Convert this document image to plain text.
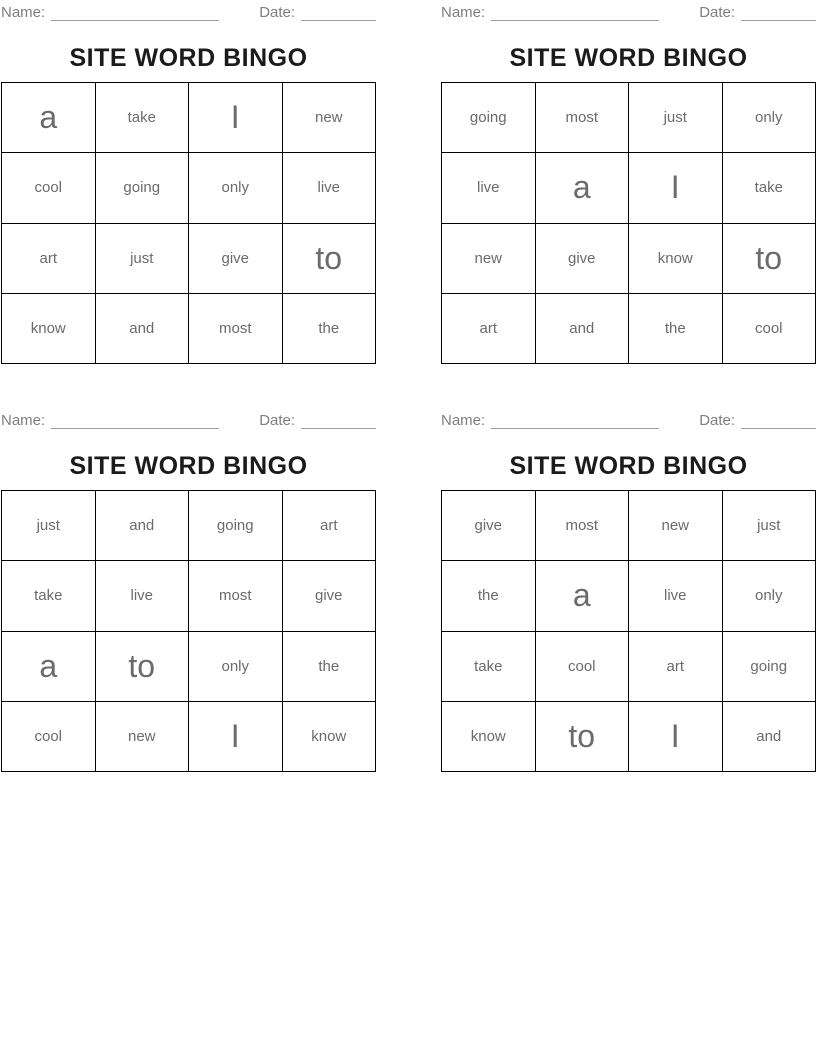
Name:	Date:
SITE WORD BINGO
a	take	I	new
cool	going	only	live
art	just	give	to
know	and	most	the
Name:	Date:
SITE WORD BINGO
going	most	just	only
live	a	I	take
new	give	know	to
art	and	the	cool
Name:	Date:
SITE WORD BINGO
just	and	going	art
take	live	most	give
a	to	only	the
cool	new	I	know
Name:	Date:
SITE WORD BINGO
give	most	new	just
the	a	live	only
take	cool	art	going
know	to	I	and
